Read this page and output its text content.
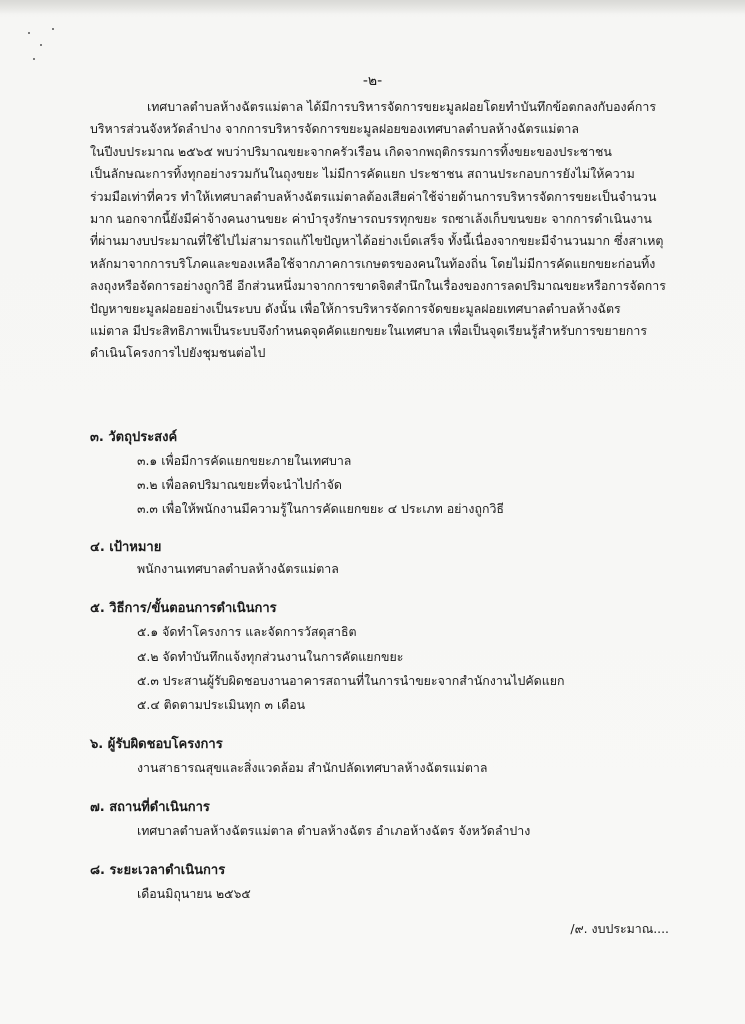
-๒-
เทศบาลตำบลห้างฉัตรแม่ตาล ได้มีการบริหารจัดการขยะมูลฝอยโดยทำบันทึกข้อตกลงกับองค์การ
บริหารส่วนจังหวัดลำปาง จากการบริหารจัดการขยะมูลฝอยของเทศบาลตำบลห้างฉัตรแม่ตาล
ในปีงบประมาณ ๒๕๖๕ พบว่าปริมาณขยะจากครัวเรือน เกิดจากพฤติกรรมการทิ้งขยะของประชาชน
เป็นลักษณะการทิ้งทุกอย่างรวมกันในถุงขยะ ไม่มีการคัดแยก ประชาชน สถานประกอบการยังไม่ให้ความ
ร่วมมือเท่าที่ควร ทำให้เทศบาลตำบลห้างฉัตรแม่ตาลต้องเสียค่าใช้จ่ายด้านการบริหารจัดการขยะเป็นจำนวน
มาก นอกจากนี้ยังมีค่าจ้างคนงานขยะ ค่าบำรุงรักษารถบรรทุกขยะ รถซาเล้งเก็บขนขยะ จากการดำเนินงาน
ที่ผ่านมางบประมาณที่ใช้ไปไม่สามารถแก้ไขปัญหาได้อย่างเบ็ดเสร็จ ทั้งนี้เนื่องจากขยะมีจำนวนมาก ซึ่งสาเหตุ
หลักมาจากการบริโภคและของเหลือใช้จากภาคการเกษตรของคนในท้องถิ่น โดยไม่มีการคัดแยกขยะก่อนทิ้ง
ลงถุงหรือจัดการอย่างถูกวิธี อีกส่วนหนึ่งมาจากการขาดจิตสำนึกในเรื่องของการลดปริมาณขยะหรือการจัดการ
ปัญหาขยะมูลฝอยอย่างเป็นระบบ ดังนั้น เพื่อให้การบริหารจัดการจัดขยะมูลฝอยเทศบาลตำบลห้างฉัตร
แม่ตาล มีประสิทธิภาพเป็นระบบจึงกำหนดจุดคัดแยกขยะในเทศบาล เพื่อเป็นจุดเรียนรู้สำหรับการขยายการ
ดำเนินโครงการไปยังชุมชนต่อไป
๓. วัตถุประสงค์
๓.๑ เพื่อมีการคัดแยกขยะภายในเทศบาล
๓.๒ เพื่อลดปริมาณขยะที่จะนำไปกำจัด
๓.๓ เพื่อให้พนักงานมีความรู้ในการคัดแยกขยะ ๔ ประเภท อย่างถูกวิธี
๔. เป้าหมาย
พนักงานเทศบาลตำบลห้างฉัตรแม่ตาล
๕. วิธีการ/ขั้นตอนการดำเนินการ
๕.๑ จัดทำโครงการ และจัดการวัสดุสาธิต
๕.๒ จัดทำบันทึกแจ้งทุกส่วนงานในการคัดแยกขยะ
๕.๓ ประสานผู้รับผิดชอบงานอาคารสถานที่ในการนำขยะจากสำนักงานไปคัดแยก
๕.๔ ติดตามประเมินทุก ๓ เดือน
๖. ผู้รับผิดชอบโครงการ
งานสาธารณสุขและสิ่งแวดล้อม สำนักปลัดเทศบาลห้างฉัตรแม่ตาล
๗. สถานที่ดำเนินการ
เทศบาลตำบลห้างฉัตรแม่ตาล ตำบลห้างฉัตร อำเภอห้างฉัตร จังหวัดลำปาง
๘. ระยะเวลาดำเนินการ
เดือนมิถุนายน ๒๕๖๕
/๙. งบประมาณ....
